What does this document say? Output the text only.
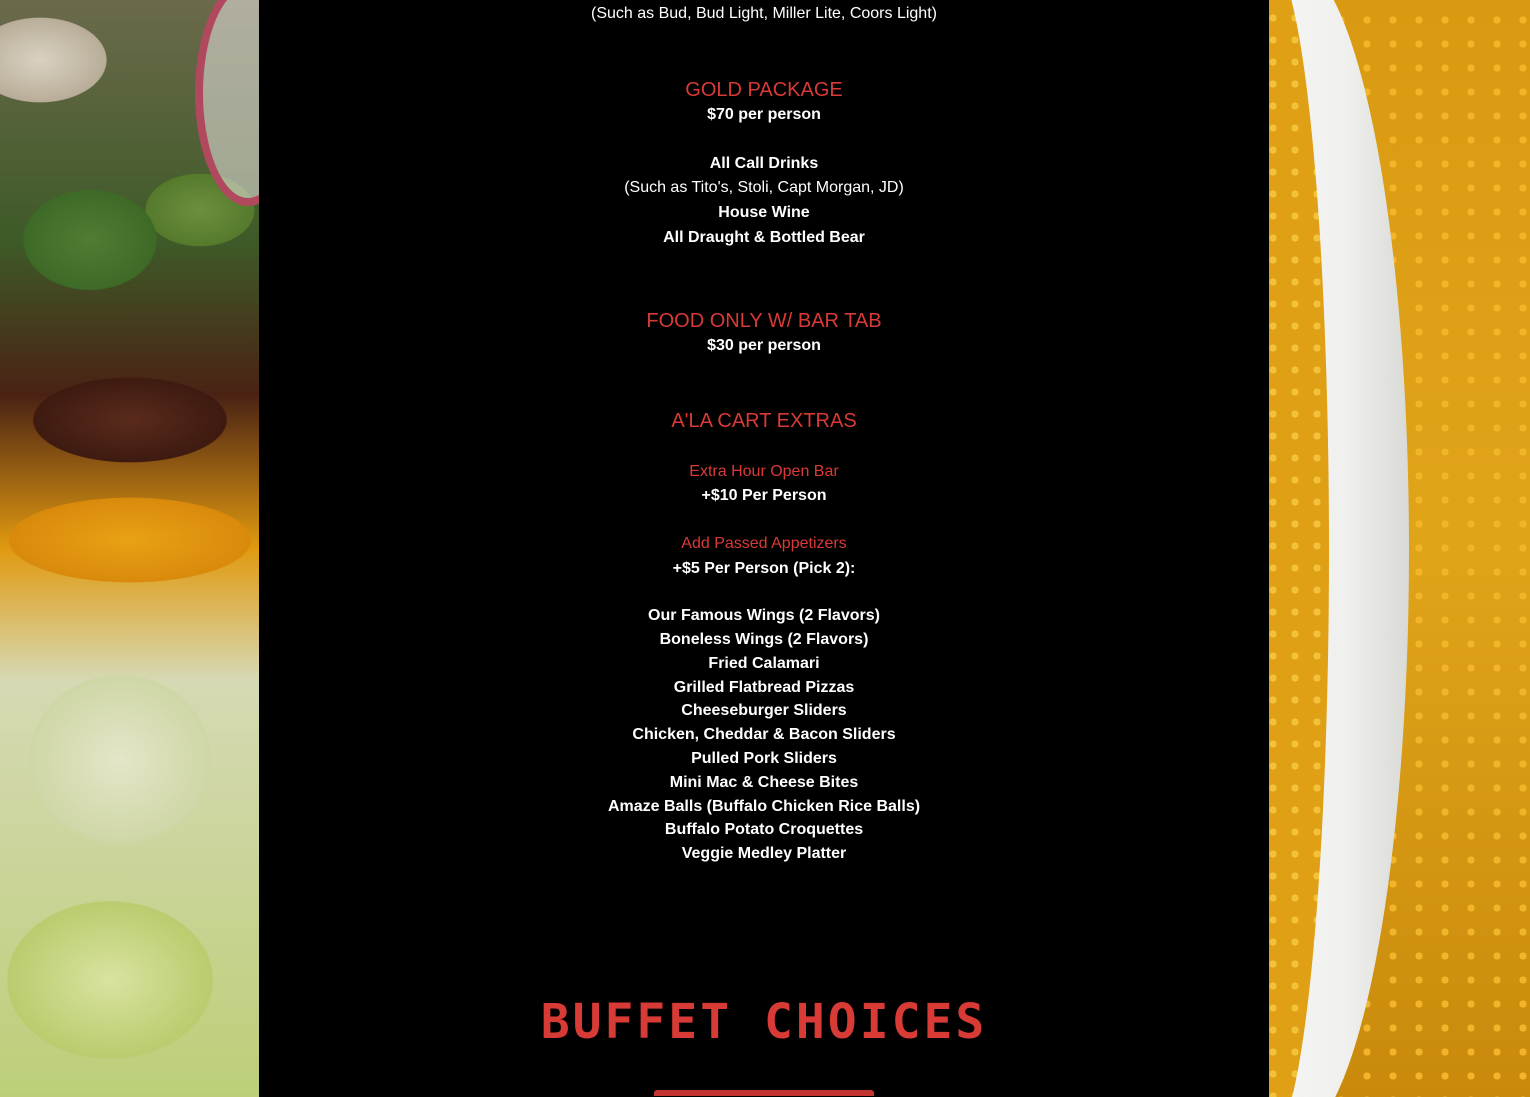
(Such as Bud, Bud Light, Miller Lite, Coors Light)
GOLD PACKAGE
$70 per person
All Call Drinks
(Such as Tito's, Stoli, Capt Morgan, JD)
House Wine
All Draught & Bottled Bear
FOOD ONLY W/ BAR TAB
$30 per person
A'LA CART EXTRAS
Extra Hour Open Bar
+$10 Per Person
Add Passed Appetizers
+$5 Per Person (Pick 2):
Our Famous Wings (2 Flavors)
Boneless Wings (2 Flavors)
Fried Calamari
Grilled Flatbread Pizzas
Cheeseburger Sliders
Chicken, Cheddar & Bacon Sliders
Pulled Pork Sliders
Mini Mac & Cheese Bites
Amaze Balls (Buffalo Chicken Rice Balls)
Buffalo Potato Croquettes
Veggie Medley Platter
BUFFET CHOICES
